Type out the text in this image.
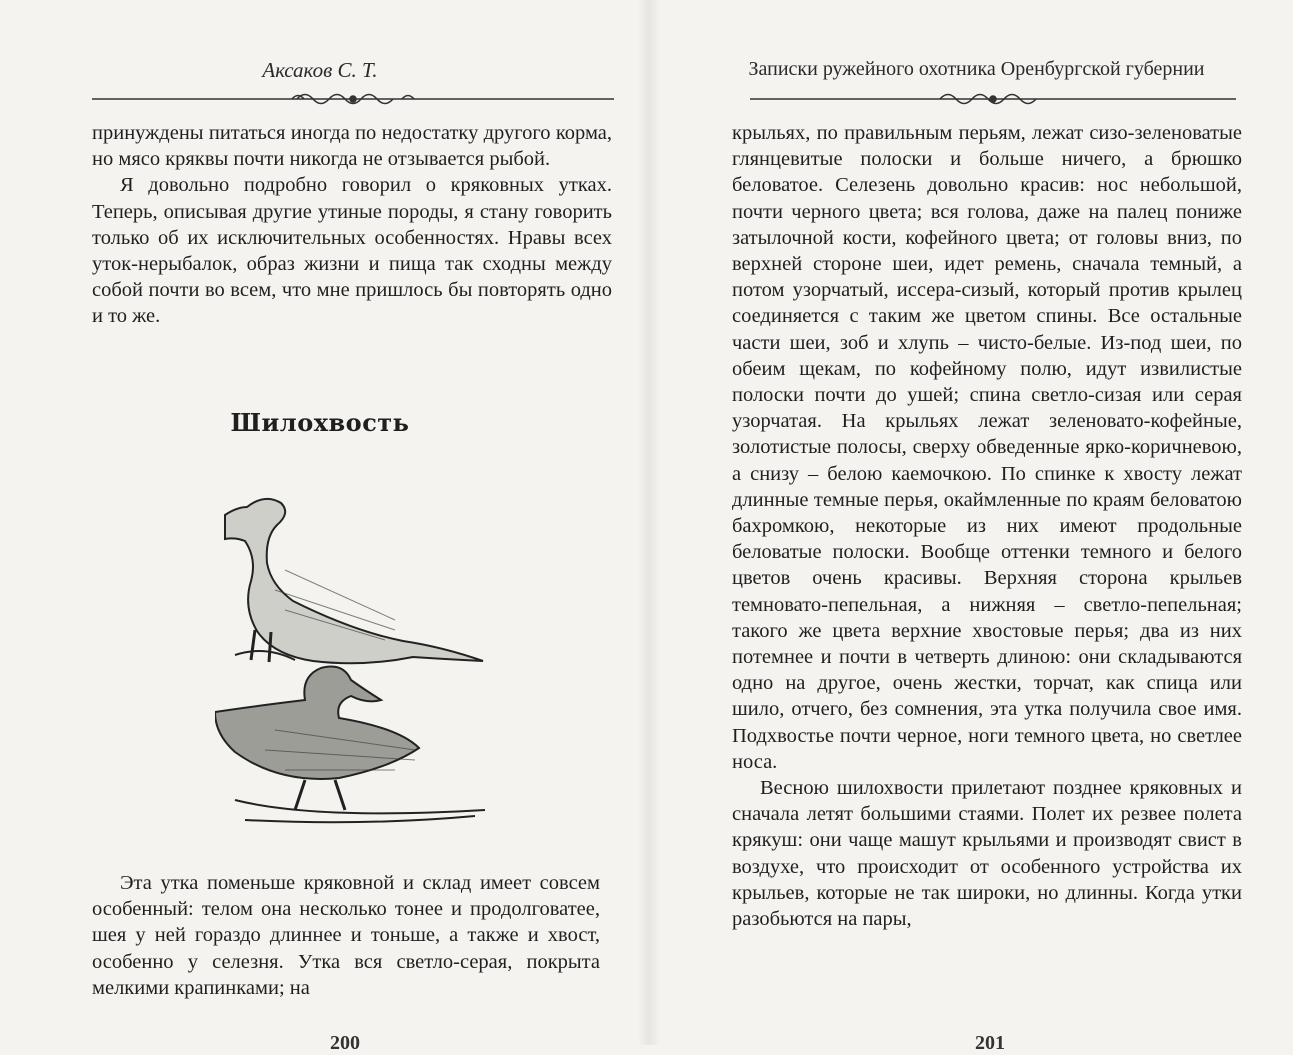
Аксаков С. Т.

принуждены питаться иногда по недостатку другого корма, но мясо кряквы почти никогда не отзывается рыбой.

Я довольно подробно говорил о кряковных утках. Теперь, описывая другие утиные породы, я стану говорить только об их исключительных особенностях. Нравы всех уток-нерыбалок, образ жизни и пища так сходны между собой почти во всем, что мне пришлось бы повторять одно и то же.

Шилохвость

Эта утка поменьше кряковной и склад имеет совсем особенный: телом она несколько тонее и продолговатее, шея у ней гораздо длиннее и тоньше, а также и хвост, особенно у селезня. Утка вся светло-серая, покрыта мелкими крапинками; на

200
Записки ружейного охотника Оренбургской губернии

крыльях, по правильным перьям, лежат сизо-зеленоватые глянцевитые полоски и больше ничего, а брюшко беловатое. Селезень довольно красив: нос небольшой, почти черного цвета; вся голова, даже на палец пониже затылочной кости, кофейного цвета; от головы вниз, по верхней стороне шеи, идет ремень, сначала темный, а потом узорчатый, иссера-сизый, который против крылец соединяется с таким же цветом спины. Все остальные части шеи, зоб и хлупь – чисто-белые. Из-под шеи, по обеим щекам, по кофейному полю, идут извилистые полоски почти до ушей; спина светло-сизая или серая узорчатая. На крыльях лежат зеленовато-кофейные, золотистые полосы, сверху обведенные ярко-коричневою, а снизу – белою каемочкою. По спинке к хвосту лежат длинные темные перья, окаймленные по краям беловатою бахромкою, некоторые из них имеют продольные беловатые полоски. Вообще оттенки темного и белого цветов очень красивы. Верхняя сторона крыльев темновато-пепельная, а нижняя – светло-пепельная; такого же цвета верхние хвостовые перья; два из них потемнее и почти в четверть длиною: они складываются одно на другое, очень жестки, торчат, как спица или шило, отчего, без сомнения, эта утка получила свое имя. Подхвостье почти черное, ноги темного цвета, но светлее носа.

Весною шилохвости прилетают позднее кряковных и сначала летят большими стаями. Полет их резвее полета крякуш: они чаще машут крыльями и производят свист в воздухе, что происходит от особенного устройства их крыльев, которые не так широки, но длинны. Когда утки разобьются на пары,

201
